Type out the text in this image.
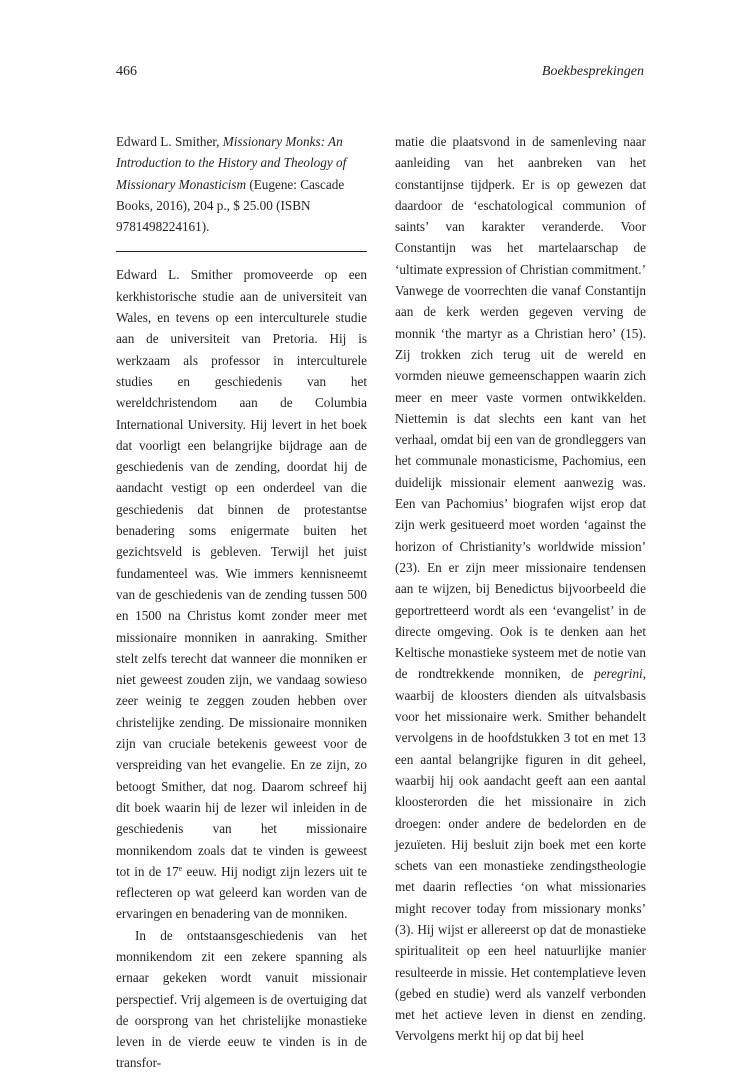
466	Boekbesprekingen

Edward L. Smither, Missionary Monks: An Introduction to the History and Theology of Missionary Monasticism (Eugene: Cascade Books, 2016), 204 p., $ 25.00 (ISBN 9781498224161).

Edward L. Smither promoveerde op een kerkhistorische studie aan de universiteit van Wales, en tevens op een interculturele studie aan de universiteit van Pretoria. Hij is werkzaam als professor in interculturele studies en geschiedenis van het wereldchristendom aan de Columbia International University. Hij levert in het boek dat voorligt een belangrijke bijdrage aan de geschiedenis van de zending, doordat hij de aandacht vestigt op een onderdeel van die geschiedenis dat binnen de protestantse benadering soms enigermate buiten het gezichtsveld is gebleven. Terwijl het juist fundamenteel was. Wie immers kennisneemt van de geschiedenis van de zending tussen 500 en 1500 na Christus komt zonder meer met missionaire monniken in aanraking. Smither stelt zelfs terecht dat wanneer die monniken er niet geweest zouden zijn, we vandaag sowieso zeer weinig te zeggen zouden hebben over christelijke zending. De missionaire monniken zijn van cruciale betekenis geweest voor de verspreiding van het evangelie. En ze zijn, zo betoogt Smither, dat nog. Daarom schreef hij dit boek waarin hij de lezer wil inleiden in de geschiedenis van het missionaire monnikendom zoals dat te vinden is geweest tot in de 17e eeuw. Hij nodigt zijn lezers uit te reflecteren op wat geleerd kan worden van de ervaringen en benadering van de monniken.

In de ontstaansgeschiedenis van het monnikendom zit een zekere spanning als ernaar gekeken wordt vanuit missionair perspectief. Vrij algemeen is de overtuiging dat de oorsprong van het christelijke monastieke leven in de vierde eeuw te vinden is in de transfor-

matie die plaatsvond in de samenleving naar aanleiding van het aanbreken van het constantijnse tijdperk. Er is op gewezen dat daardoor de ‘eschatological communion of saints’ van karakter veranderde. Voor Constantijn was het martelaarschap de ‘ultimate expression of Christian commitment.’ Vanwege de voorrechten die vanaf Constantijn aan de kerk werden gegeven verving de monnik ‘the martyr as a Christian hero’ (15). Zij trokken zich terug uit de wereld en vormden nieuwe gemeenschappen waarin zich meer en meer vaste vormen ontwikkelden. Niettemin is dat slechts een kant van het verhaal, omdat bij een van de grondleggers van het communale monasticisme, Pachomius, een duidelijk missionair element aanwezig was. Een van Pachomius’ biografen wijst erop dat zijn werk gesitueerd moet worden ‘against the horizon of Christianity’s worldwide mission’ (23). En er zijn meer missionaire tendensen aan te wijzen, bij Benedictus bijvoorbeeld die geportretteerd wordt als een ‘evangelist’ in de directe omgeving. Ook is te denken aan het Keltische monastieke systeem met de notie van de rondtrekkende monniken, de peregrini, waarbij de kloosters dienden als uitvalsbasis voor het missionaire werk. Smither behandelt vervolgens in de hoofdstukken 3 tot en met 13 een aantal belangrijke figuren in dit geheel, waarbij hij ook aandacht geeft aan een aantal kloosterorden die het missionaire in zich droegen: onder andere de bedelorden en de jezuïeten. Hij besluit zijn boek met een korte schets van een monastieke zendingstheologie met daarin reflecties ‘on what missionaries might recover today from missionary monks’ (3). Hij wijst er allereerst op dat de monastieke spiritualiteit op een heel natuurlijke manier resulteerde in missie. Het contemplatieve leven (gebed en studie) werd als vanzelf verbonden met het actieve leven in dienst en zending. Vervolgens merkt hij op dat bij heel
